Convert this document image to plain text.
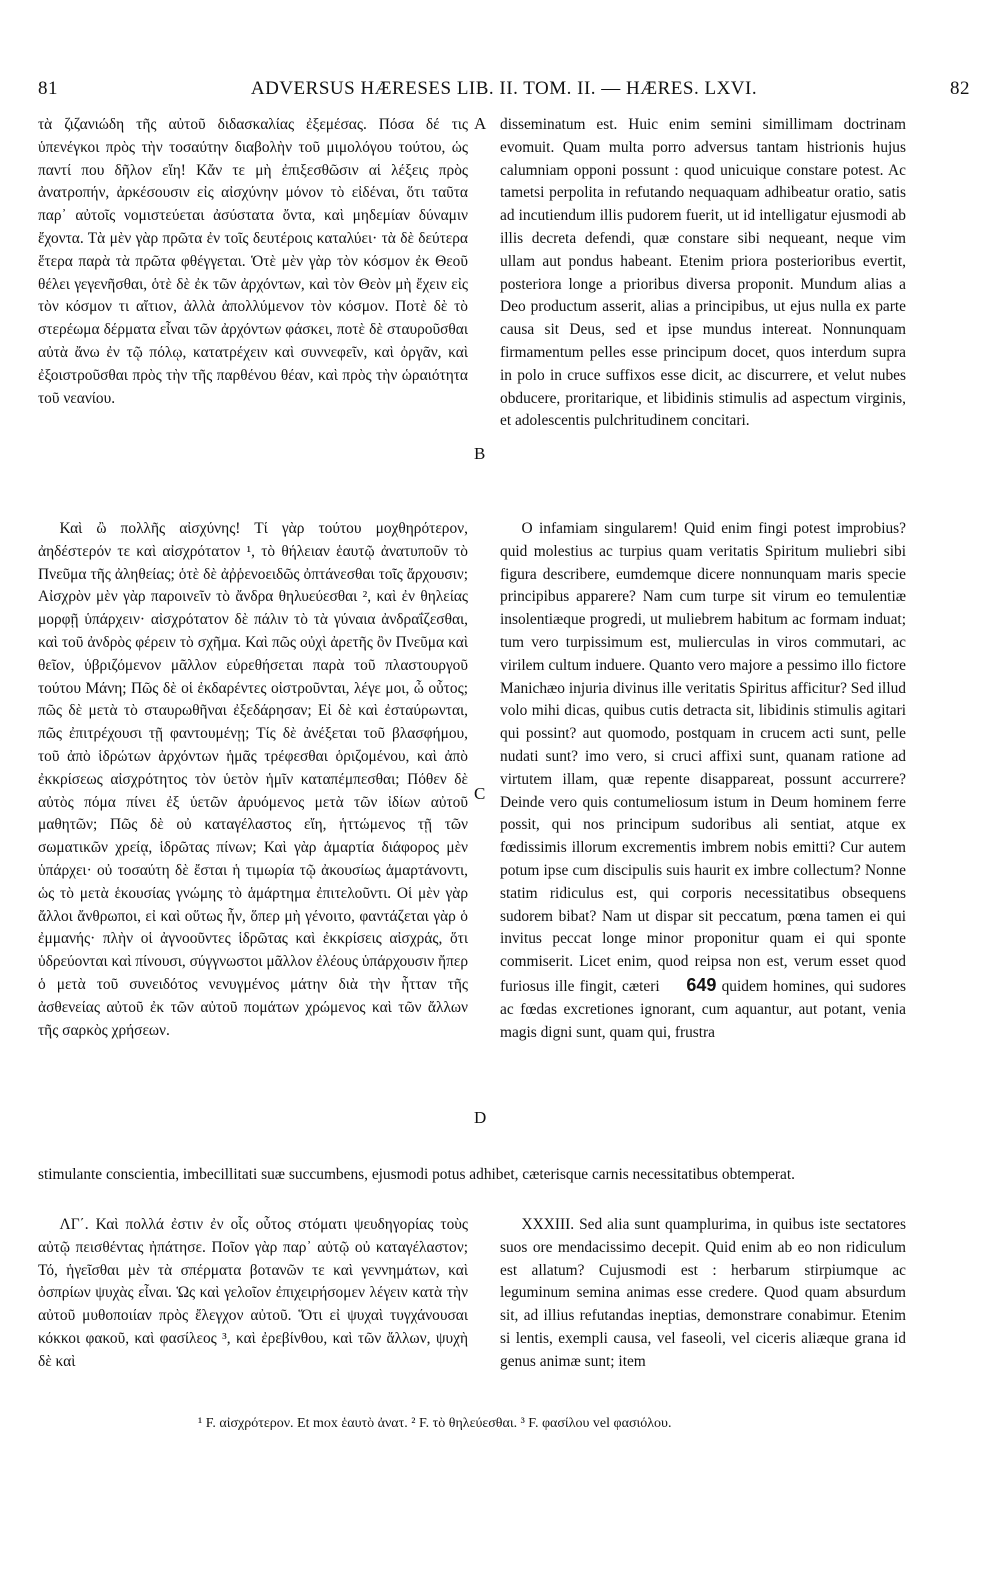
81	ADVERSUS HÆRESES LIB. II. TOM. II. — HÆRES. LXVI.	82

τὰ ζιζανιώδη τῆς αὐτοῦ διδασκαλίας ἐξεμέσας. Πόσα δέ τις ὑπενέγκοι πρὸς τὴν τοσαύτην διαβολὴν τοῦ μιμολόγου τούτου, ὡς παντί που δῆλον εἴη! Κἄν τε μὴ ἐπιξεσθῶσιν αἱ λέξεις πρὸς ἀνατροπήν, ἀρκέσουσιν εἰς αἰσχύνην μόνον τὸ εἰδέναι, ὅτι ταῦτα παρ᾽ αὐτοῖς νομιστεύεται ἀσύστατα ὄντα, καὶ μηδεμίαν δύναμιν ἔχοντα. Τὰ μὲν γὰρ πρῶτα ἐν τοῖς δευτέροις καταλύει· τὰ δὲ δεύτερα ἕτερα παρὰ τὰ πρῶτα φθέγγεται. Ὁτὲ μὲν γὰρ τὸν κόσμον ἐκ Θεοῦ θέλει γεγενῆσθαι, ὁτὲ δὲ ἐκ τῶν ἀρχόντων, καὶ τὸν Θεὸν μὴ ἔχειν εἰς τὸν κόσμον τι αἴτιον, ἀλλὰ ἀπολλύμενον τὸν κόσμον. Ποτὲ δὲ τὸ στερέωμα δέρματα εἶναι τῶν ἀρχόντων φάσκει, ποτὲ δὲ σταυροῦσθαι αὐτὰ ἄνω ἐν τῷ πόλῳ, κατατρέχειν καὶ συννεφεῖν, καὶ ὀργᾶν, καὶ ἐξοιστροῦσθαι πρὸς τὴν τῆς παρθένου θέαν, καὶ πρὸς τὴν ὡραιότητα τοῦ νεανίου.

Καὶ ὢ πολλῆς αἰσχύνης! Τί γὰρ τούτου μοχθηρότερον, ἀηδέστερόν τε καὶ αἰσχρότατον ¹, τὸ θήλειαν ἑαυτῷ ἀνατυποῦν τὸ Πνεῦμα τῆς ἀληθείας; ὁτὲ δὲ ἀῤῥενοειδῶς ὀπτάνεσθαι τοῖς ἄρχουσιν; Αἰσχρὸν μὲν γὰρ παροινεῖν τὸ ἄνδρα θηλυεύεσθαι ², καὶ ἐν θηλείας μορφῇ ὑπάρχειν· αἰσχρότατον δὲ πάλιν τὸ τὰ γύναια ἀνδραΐζεσθαι, καὶ τοῦ ἀνδρὸς φέρειν τὸ σχῆμα. Καὶ πῶς οὐχὶ ἀρετῆς ὂν Πνεῦμα καὶ θεῖον, ὑβριζόμενον μᾶλλον εὑρεθήσεται παρὰ τοῦ πλαστουργοῦ τούτου Μάνη; Πῶς δὲ οἱ ἐκδαρέντες οἰστροῦνται, λέγε μοι, ὦ οὗτος; πῶς δὲ μετὰ τὸ σταυρωθῆναι ἐξεδάρησαν; Εἰ δὲ καὶ ἐσταύρωνται, πῶς ἐπιτρέχουσι τῇ φαντουμένῃ; Τίς δὲ ἀνέξεται τοῦ βλασφήμου, τοῦ ἀπὸ ἱδρώτων ἀρχόντων ἡμᾶς τρέφεσθαι ὁριζομένου, καὶ ἀπὸ ἐκκρίσεως αἰσχρότητος τὸν ὑετὸν ἡμῖν καταπέμπεσθαι; Πόθεν δὲ αὐτὸς πόμα πίνει ἐξ ὑετῶν ἀρυόμενος μετὰ τῶν ἰδίων αὐτοῦ μαθητῶν; Πῶς δὲ οὐ καταγέλαστος εἴη, ἡττώμενος τῇ τῶν σωματικῶν χρείᾳ, ἱδρῶτας πίνων; Καὶ γὰρ ἁμαρτία διάφορος μὲν ὑπάρχει· οὐ τοσαύτη δὲ ἔσται ἡ τιμωρία τῷ ἀκουσίως ἁμαρτάνοντι, ὡς τὸ μετὰ ἑκουσίας γνώμης τὸ ἁμάρτημα ἐπιτελοῦντι. Οἱ μὲν γὰρ ἄλλοι ἄνθρωποι, εἰ καὶ οὕτως ἦν, ὅπερ μὴ γένοιτο, φαντάζεται γὰρ ὁ ἐμμανής· πλὴν οἱ ἀγνοοῦντες ἱδρῶτας καὶ ἐκκρίσεις αἰσχράς, ὅτι ὑδρεύονται καὶ πίνουσι, σύγγνωστοι μᾶλλον ἐλέους ὑπάρχουσιν ἤπερ ὁ μετὰ τοῦ συνειδότος νενυγμένος μάτην διὰ τὴν ἧτταν τῆς ἀσθενείας αὐτοῦ ἐκ τῶν αὐτοῦ πομάτων χρώμενος καὶ τῶν ἄλλων τῆς σαρκὸς χρήσεων.

disseminatum est. Huic enim semini simillimam doctrinam evomuit. Quam multa porro adversus tantam histrionis hujus calumniam opponi possunt : quod unicuique constare potest. Ac tametsi perpolita in refutando nequaquam adhibeatur oratio, satis ad incutiendum illis pudorem fuerit, ut id intelligatur ejusmodi ab illis decreta defendi, quæ constare sibi nequeant, neque vim ullam aut pondus habeant. Etenim priora posterioribus evertit, posteriora longe a prioribus diversa proponit. Mundum alias a Deo productum asserit, alias a principibus, ut ejus nulla ex parte causa sit Deus, sed et ipse mundus intereat. Nonnunquam firmamentum pelles esse principum docet, quos interdum supra in polo in cruce suffixos esse dicit, ac discurrere, et velut nubes obducere, proritarique, et libidinis stimulis ad aspectum virginis, et adolescentis pulchritudinem concitari.

O infamiam singularem! Quid enim fingi potest improbius? quid molestius ac turpius quam veritatis Spiritum muliebri sibi figura describere, eumdemque dicere nonnunquam maris specie principibus apparere? Nam cum turpe sit virum eo temulentiæ insolentiæque progredi, ut muliebrem habitum ac formam induat; tum vero turpissimum est, mulierculas in viros commutari, ac virilem cultum induere. Quanto vero majore a pessimo illo fictore Manichæo injuria divinus ille veritatis Spiritus afficitur? Sed illud volo mihi dicas, quibus cutis detracta sit, libidinis stimulis agitari qui possint? aut quomodo, postquam in crucem acti sunt, pelle nudati sunt? imo vero, si cruci affixi sunt, quanam ratione ad virtutem illam, quæ repente disappareat, possunt accurrere? Deinde vero quis contumeliosum istum in Deum hominem ferre possit, qui nos principum sudoribus ali sentiat, atque ex fœdissimis illorum excrementis imbrem nobis emitti? Cur autem potum ipse cum discipulis suis haurit ex imbre collectum? Nonne statim ridiculus est, qui corporis necessitatibus obsequens sudorem bibat? Nam ut dispar sit peccatum, pœna tamen ei qui invitus peccat longe minor proponitur quam ei qui sponte commiserit. Licet enim, quod reipsa non est, verum esset quod furiosus ille fingit, cæteri 649 quidem homines, qui sudores ac fœdas excretiones ignorant, cum aquantur, aut potant, venia magis digni sunt, quam qui, frustra

A
B
C
D
stimulante conscientia, imbecillitati suæ succumbens, ejusmodi potus adhibet, cæterisque carnis necessitatibus obtemperat.

ΛΓ΄. Καὶ πολλά ἐστιν ἐν οἷς οὗτος στόματι ψευδηγορίας τοὺς αὐτῷ πεισθέντας ἠπάτησε. Ποῖον γὰρ παρ᾽ αὐτῷ οὐ καταγέλαστον; Τό, ἡγεῖσθαι μὲν τὰ σπέρματα βοτανῶν τε καὶ γεννημάτων, καὶ ὀσπρίων ψυχὰς εἶναι. Ὡς καὶ γελοῖον ἐπιχειρήσομεν λέγειν κατὰ τὴν αὐτοῦ μυθοποιίαν πρὸς ἔλεγχον αὐτοῦ. Ὅτι εἰ ψυχαὶ τυγχάνουσαι κόκκοι φακοῦ, καὶ φασίλεος ³, καὶ ἐρεβίνθου, καὶ τῶν ἄλλων, ψυχὴ δὲ καὶ

XXXIII. Sed alia sunt quamplurima, in quibus iste sectatores suos ore mendacissimo decepit. Quid enim ab eo non ridiculum est allatum? Cujusmodi est : herbarum stirpiumque ac leguminum semina animas esse credere. Quod quam absurdum sit, ad illius refutandas ineptias, demonstrare conabimur. Etenim si lentis, exempli causa, vel faseoli, vel ciceris aliæque grana id genus animæ sunt; item

¹ F. αἰσχρότερον. Et mox ἑαυτὸ ἀνατ. ² F. τὸ θηλεύεσθαι. ³ F. φασίλου vel φασιόλου.
